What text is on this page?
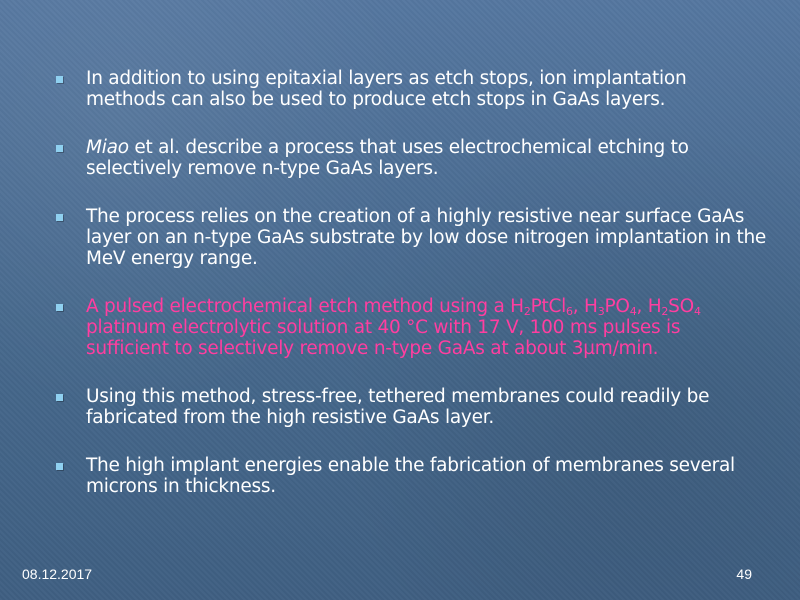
In addition to using epitaxial layers as etch stops, ion implantation methods can also be used to produce etch stops in GaAs layers.
Miao et al. describe a process that uses electrochemical etching to selectively remove n-type GaAs layers.
The process relies on the creation of a highly resistive near surface GaAs layer on an n-type GaAs substrate by low dose nitrogen implantation in the MeV energy range.
A pulsed electrochemical etch method using a $H_2PtCl_6$, $H_3PO_4$, $H_2SO_4$ platinum electrolytic solution at 40 °C with 17 V, 100 ms pulses is sufficient to selectively remove n-type GaAs at about 3µm/min.
Using this method, stress-free, tethered membranes could readily be fabricated from the high resistive GaAs layer.
The high implant energies enable the fabrication of membranes several microns in thickness.
08.12.2017	49
